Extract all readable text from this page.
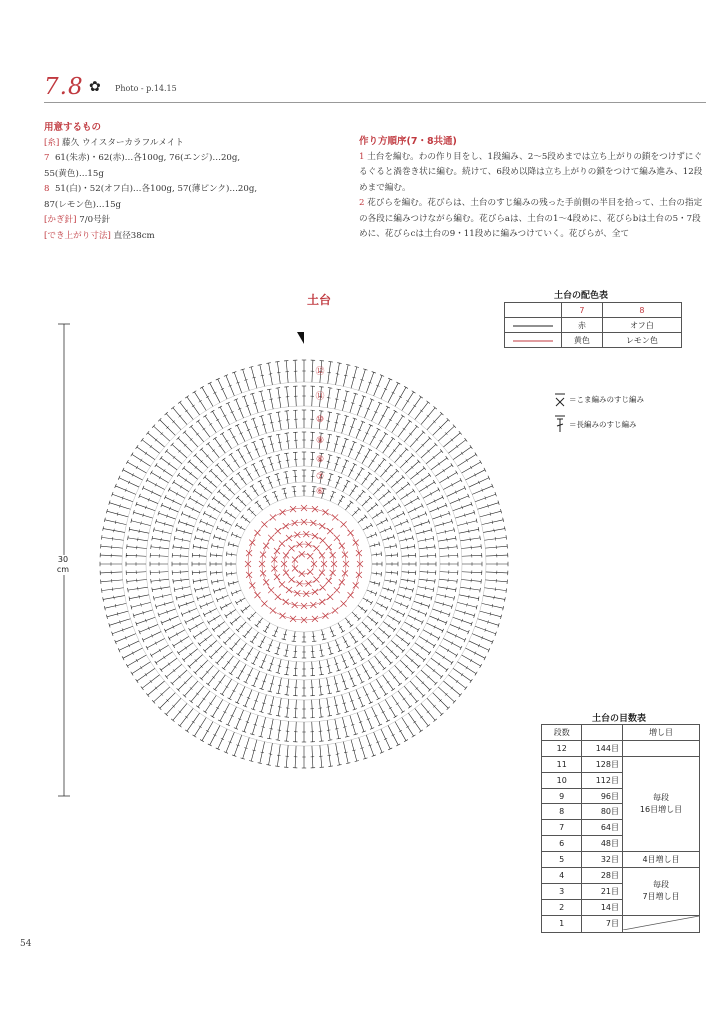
7.8 ✿ Photo - p.14.15
用意するもの
[糸] 藤久 ウイスターカラフルメイト
7 61(朱赤)・62(赤)…各100g, 76(エンジ)…20g,
55(黄色)…15g
8 51(白)・52(オフ白)…各100g, 57(薄ピンク)…20g,
87(レモン色)…15g
[かぎ針] 7/0号針
[でき上がり寸法] 直径38cm
作り方順序(7・8共通)

1 土台を編む。わの作り目をし、1段編み、2～5段めまでは立ち上がりの鎖をつけずにぐるぐると渦巻き状に編む。続けて、6段め以降は立ち上がりの鎖をつけて編み進み、12段めまで編む。

2 花びらを編む。花びらは、土台のすじ編みの残った手前側の半目を拾って、土台の指定の各段に編みつけながら編む。花びらaは、土台の1～4段めに、花びらbは土台の5・7段めに、花びらcは土台の9・11段めに編みつけていく。花びらが、全て

土台
30
cm
⑫
⑪
⑩
⑨
⑧
⑦
⑥
土台の配色表
	7	8
	赤	オフ白
	黄色	レモン色
＝こま編みのすじ編み
＝長編みのすじ編み
土台の目数表
段数		増し目
12	144目	
11	128目	毎段
16目増し目
10	112目	
9	96目	
8	80目	
7	64目	
6	48目	
5	32目	4目増し目
4	28目	毎段
7目増し目
3	21目	
2	14目	
1	7目	
54
